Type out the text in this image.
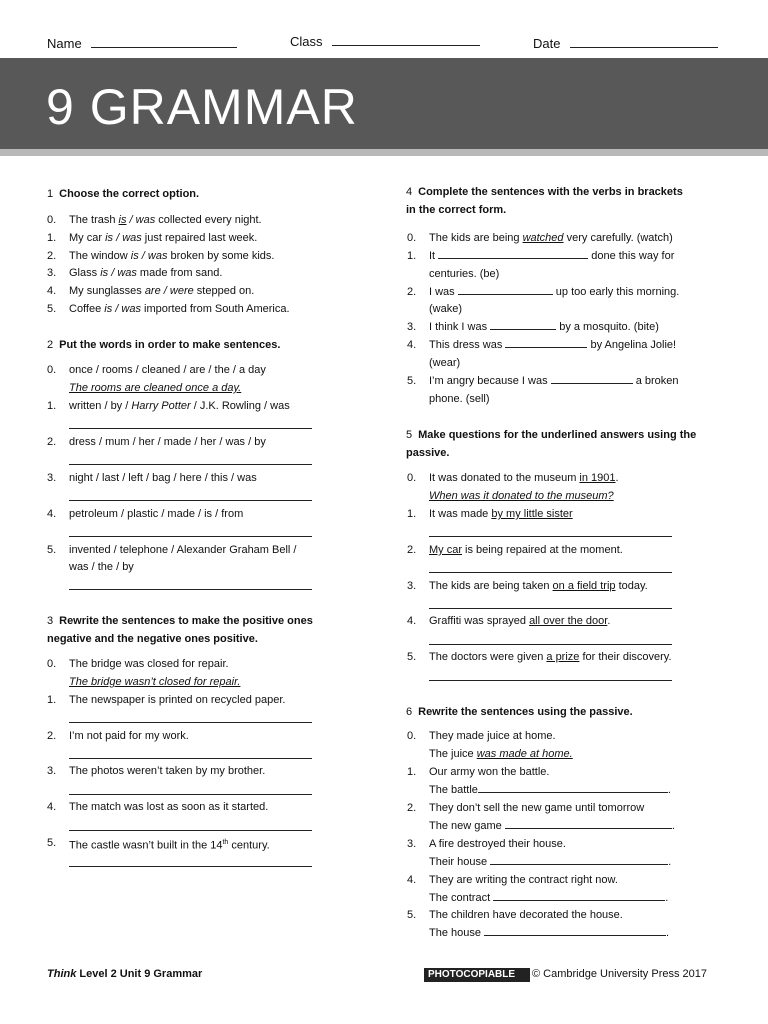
Name	Class	Date
9 GRAMMAR
1 Choose the correct option.
0. The trash is / was collected every night.
1. My car is / was just repaired last week.
2. The window is / was broken by some kids.
3. Glass is / was made from sand.
4. My sunglasses are / were stepped on.
5. Coffee is / was imported from South America.
2 Put the words in order to make sentences.
0. once / rooms / cleaned / are / the / a day
The rooms are cleaned once a day.
1. written / by / Harry Potter / J.K. Rowling / was
2. dress / mum / her / made / her / was / by
3. night / last / left / bag / here / this / was
4. petroleum / plastic / made / is / from
5. invented / telephone / Alexander Graham Bell /
was / the / by
3 Rewrite the sentences to make the positive ones
negative and the negative ones positive.
0. The bridge was closed for repair.
The bridge wasn’t closed for repair.
1. The newspaper is printed on recycled paper.
2. I’m not paid for my work.
3. The photos weren’t taken by my brother.
4. The match was lost as soon as it started.
5. The castle wasn’t built in the 14th century.
4 Complete the sentences with the verbs in brackets
in the correct form.
0. The kids are being watched very carefully. (watch)
1. It	done this way for
centuries. (be)
2. I was	up too early this morning.
(wake)
3. I think I was	by a mosquito. (bite)
4. This dress was	by Angelina Jolie!
(wear)
5. I’m angry because I was	a broken
phone. (sell)
5 Make questions for the underlined answers using the
passive.
0. It was donated to the museum in 1901.
When was it donated to the museum?
1. It was made by my little sister
2. My car is being repaired at the moment.
3. The kids are being taken on a field trip today.
4. Graffiti was sprayed all over the door.
5. The doctors were given a prize for their discovery.
6 Rewrite the sentences using the passive.
0. They made juice at home.
The juice was made at home.
1. Our army won the battle.
The battle	.
2. They don’t sell the new game until tomorrow
The new game	.
3. A fire destroyed their house.
Their house	.
4. They are writing the contract right now.
The contract	.
5. The children have decorated the house.
The house	.
Think Level 2 Unit 9 Grammar	PHOTOCOPIABLE	© Cambridge University Press 2017
